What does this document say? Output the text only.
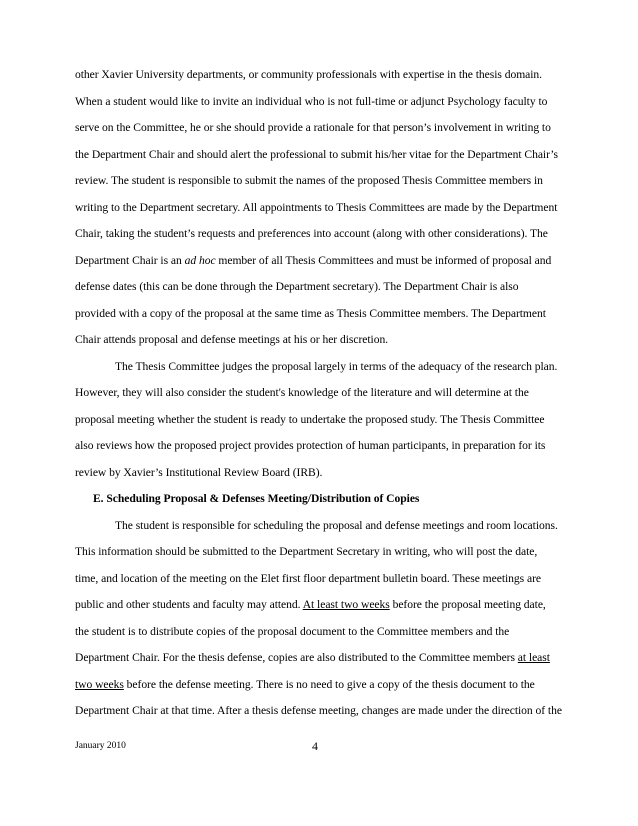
other Xavier University departments, or community professionals with expertise in the thesis domain.
When a student would like to invite an individual who is not full-time or adjunct Psychology faculty to
serve on the Committee, he or she should provide a rationale for that person’s involvement in writing to
the Department Chair and should alert the professional to submit his/her vitae for the Department Chair’s
review. The student is responsible to submit the names of the proposed Thesis Committee members in
writing to the Department secretary. All appointments to Thesis Committees are made by the Department
Chair, taking the student’s requests and preferences into account (along with other considerations). The
Department Chair is an ad hoc member of all Thesis Committees and must be informed of proposal and
defense dates (this can be done through the Department secretary). The Department Chair is also
provided with a copy of the proposal at the same time as Thesis Committee members. The Department
Chair attends proposal and defense meetings at his or her discretion.
The Thesis Committee judges the proposal largely in terms of the adequacy of the research plan.
However, they will also consider the student's knowledge of the literature and will determine at the
proposal meeting whether the student is ready to undertake the proposed study. The Thesis Committee
also reviews how the proposed project provides protection of human participants, in preparation for its
review by Xavier’s Institutional Review Board (IRB).
E. Scheduling Proposal & Defenses Meeting/Distribution of Copies
The student is responsible for scheduling the proposal and defense meetings and room locations.
This information should be submitted to the Department Secretary in writing, who will post the date,
time, and location of the meeting on the Elet first floor department bulletin board. These meetings are
public and other students and faculty may attend. At least two weeks before the proposal meeting date,
the student is to distribute copies of the proposal document to the Committee members and the
Department Chair. For the thesis defense, copies are also distributed to the Committee members at least
two weeks before the defense meeting. There is no need to give a copy of the thesis document to the
Department Chair at that time. After a thesis defense meeting, changes are made under the direction of the
January 2010	4
